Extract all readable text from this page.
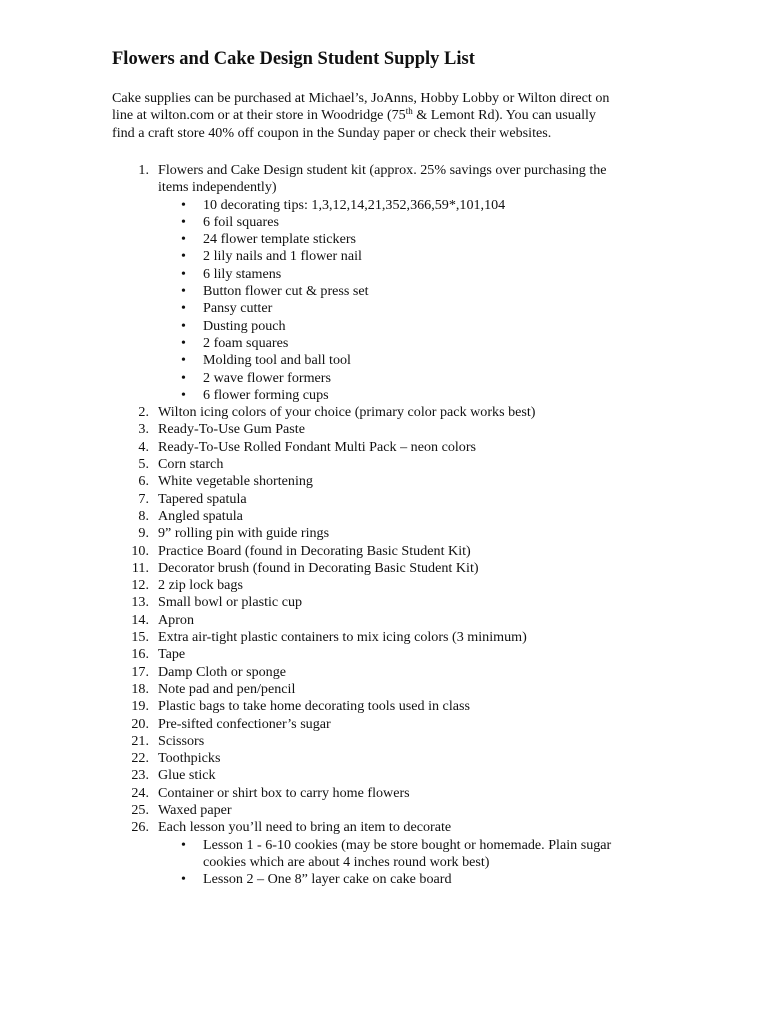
Flowers and Cake Design Student Supply List

Cake supplies can be purchased at Michael’s, JoAnns, Hobby Lobby or Wilton direct on
line at wilton.com or at their store in Woodridge (75th & Lemont Rd). You can usually
find a craft store 40% off coupon in the Sunday paper or check their websites.

1. Flowers and Cake Design student kit (approx. 25% savings over purchasing the
items independently)
• 10 decorating tips: 1,3,12,14,21,352,366,59*,101,104
• 6 foil squares
• 24 flower template stickers
• 2 lily nails and 1 flower nail
• 6 lily stamens
• Button flower cut & press set
• Pansy cutter
• Dusting pouch
• 2 foam squares
• Molding tool and ball tool
• 2 wave flower formers
• 6 flower forming cups
2. Wilton icing colors of your choice (primary color pack works best)
3. Ready-To-Use Gum Paste
4. Ready-To-Use Rolled Fondant Multi Pack – neon colors
5. Corn starch
6. White vegetable shortening
7. Tapered spatula
8. Angled spatula
9. 9” rolling pin with guide rings
10. Practice Board (found in Decorating Basic Student Kit)
11. Decorator brush (found in Decorating Basic Student Kit)
12. 2 zip lock bags
13. Small bowl or plastic cup
14. Apron
15. Extra air-tight plastic containers to mix icing colors (3 minimum)
16. Tape
17. Damp Cloth or sponge
18. Note pad and pen/pencil
19. Plastic bags to take home decorating tools used in class
20. Pre-sifted confectioner’s sugar
21. Scissors
22. Toothpicks
23. Glue stick
24. Container or shirt box to carry home flowers
25. Waxed paper
26. Each lesson you’ll need to bring an item to decorate
• Lesson 1 - 6-10 cookies (may be store bought or homemade. Plain sugar
cookies which are about 4 inches round work best)
• Lesson 2 – One 8” layer cake on cake board
